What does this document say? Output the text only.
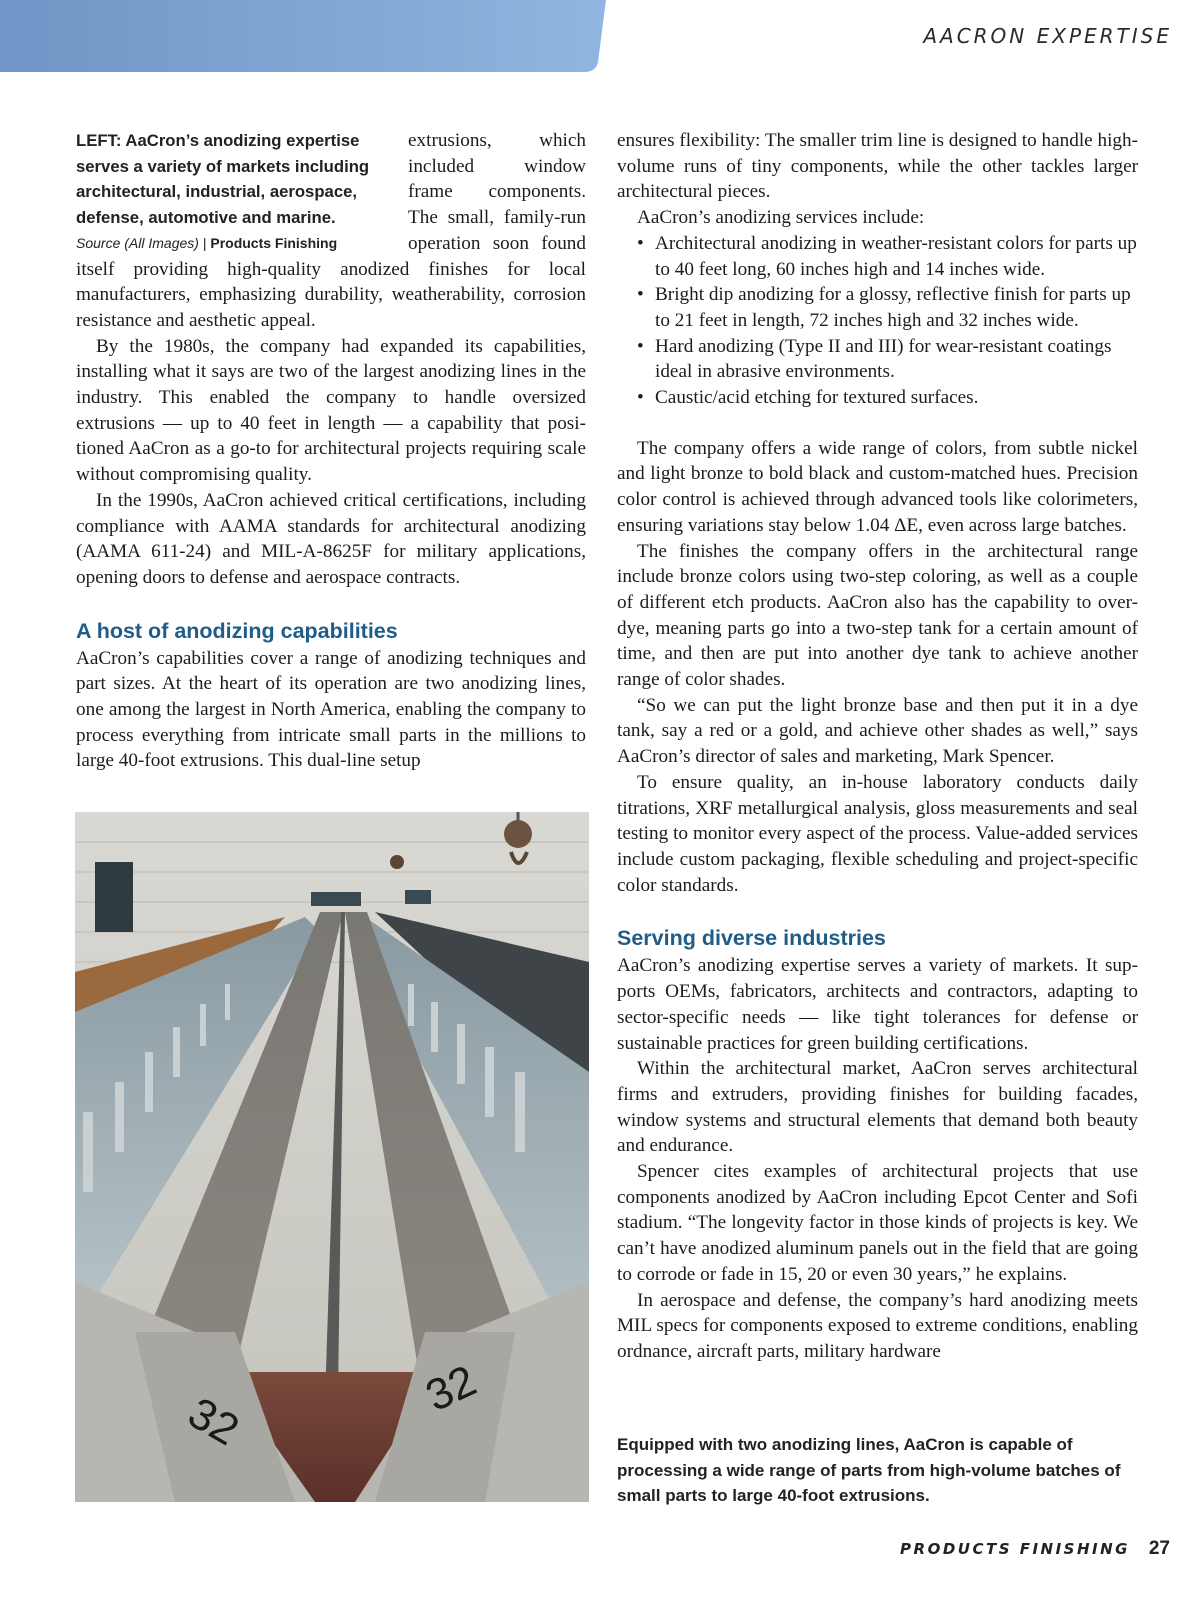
AACRON EXPERTISE
LEFT: AaCron’s anodizing expertise serves a variety of markets including architectural, industrial, aerospace, defense, automotive and marine.
Source (All Images) | Products Finishing

extrusions, which included window frame components. The small, family-run operation soon found itself providing high-quality anodized finishes for local manufacturers, emphasizing durability, weatherability, corrosion resistance and aesthetic appeal.

By the 1980s, the company had expanded its capabilities, installing what it says are two of the largest anodizing lines in the industry. This enabled the company to handle oversized extrusions — up to 40 feet in length — a capability that positioned AaCron as a go-to for architectural projects requiring scale without compromising quality.

In the 1990s, AaCron achieved critical certifications, including compliance with AAMA standards for architectural anodizing (AAMA 611-24) and MIL-A-8625F for military applications, opening doors to defense and aerospace contracts.

A host of anodizing capabilities

AaCron’s capabilities cover a range of anodizing techniques and part sizes. At the heart of its operation are two anodizing lines, one among the largest in North America, enabling the company to process everything from intricate small parts in the millions to large 40-foot extrusions. This dual-line setup

32	32

ensures flexibility: The smaller trim line is designed to handle high-volume runs of tiny components, while the other tackles larger architectural pieces.

AaCron’s anodizing services include:

• Architectural anodizing in weather-resistant colors for parts up to 40 feet long, 60 inches high and 14 inches wide.
• Bright dip anodizing for a glossy, reflective finish for parts up to 21 feet in length, 72 inches high and 32 inches wide.
• Hard anodizing (Type II and III) for wear-resistant coatings ideal in abrasive environments.
• Caustic/acid etching for textured surfaces.

The company offers a wide range of colors, from subtle nickel and light bronze to bold black and custom-matched hues. Precision color control is achieved through advanced tools like colorimeters, ensuring variations stay below 1.04 ΔE, even across large batches.

The finishes the company offers in the architectural range include bronze colors using two-step coloring, as well as a couple of different etch products. AaCron also has the capability to over-dye, meaning parts go into a two-step tank for a certain amount of time, and then are put into another dye tank to achieve another range of color shades.

“So we can put the light bronze base and then put it in a dye tank, say a red or a gold, and achieve other shades as well,” says AaCron’s director of sales and marketing, Mark Spencer.

To ensure quality, an in-house laboratory conducts daily titrations, XRF metallurgical analysis, gloss measurements and seal testing to monitor every aspect of the process. Value-added services include custom packaging, flexible scheduling and project-specific color standards.

Serving diverse industries

AaCron’s anodizing expertise serves a variety of markets. It supports OEMs, fabricators, architects and contractors, adapting to sector-specific needs — like tight tolerances for defense or sustainable practices for green building certifications.

Within the architectural market, AaCron serves architectural firms and extruders, providing finishes for building facades, window systems and structural elements that demand both beauty and endurance.

Spencer cites examples of architectural projects that use components anodized by AaCron including Epcot Center and Sofi stadium. “The longevity factor in those kinds of projects is key. We can’t have anodized aluminum panels out in the field that are going to corrode or fade in 15, 20 or even 30 years,” he explains.

In aerospace and defense, the company’s hard anodizing meets MIL specs for components exposed to extreme conditions, enabling ordnance, aircraft parts, military hardware

Equipped with two anodizing lines, AaCron is capable of processing a wide range of parts from high-volume batches of small parts to large 40-foot extrusions.
PRODUCTS FINISHING 27
